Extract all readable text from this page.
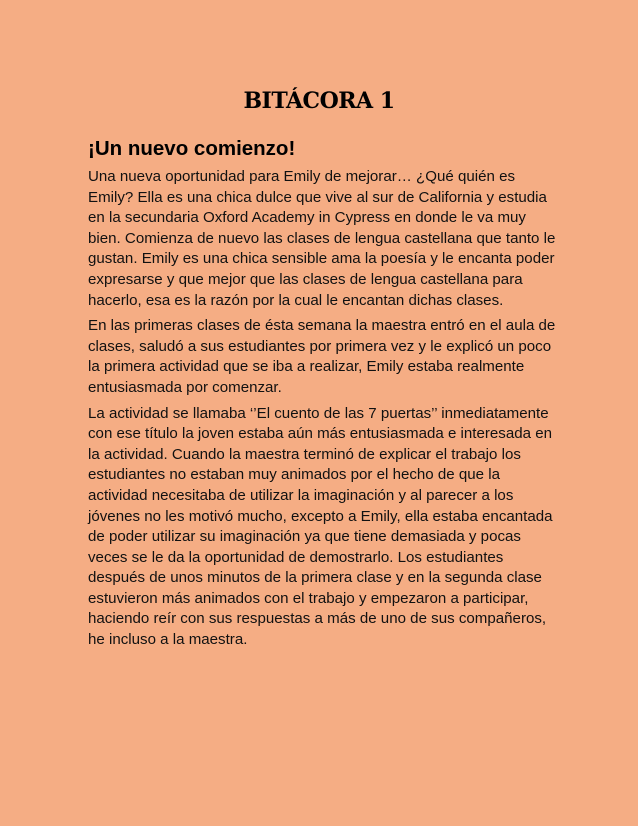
BITÁCORA 1
¡Un nuevo comienzo!

Una nueva oportunidad para Emily de mejorar… ¿Qué quién es Emily? Ella es una chica dulce que vive al sur de California y estudia en la secundaria Oxford Academy in Cypress en donde le va muy bien. Comienza de nuevo las clases de lengua castellana que tanto le gustan. Emily es una chica sensible ama la poesía y le encanta poder expresarse y que mejor que las clases de lengua castellana para hacerlo, esa es la razón por la cual le encantan dichas clases.

En las primeras clases de ésta semana la maestra entró en el aula de clases, saludó a sus estudiantes por primera vez y le explicó un poco la primera actividad que se iba a realizar, Emily estaba realmente entusiasmada por comenzar.

La actividad se llamaba ‘’El cuento de las 7 puertas’’ inmediatamente con ese título la joven estaba aún más entusiasmada e interesada en la actividad. Cuando la maestra terminó de explicar el trabajo los estudiantes no estaban muy animados por el hecho de que la actividad necesitaba de utilizar la imaginación y al parecer a los jóvenes no les motivó mucho, excepto a Emily, ella estaba encantada de poder utilizar su imaginación ya que tiene demasiada y pocas veces se le da la oportunidad de demostrarlo. Los estudiantes después de unos minutos de la primera clase y en la segunda clase estuvieron más animados con el trabajo y empezaron a participar, haciendo reír con sus respuestas a más de uno de sus compañeros, he incluso a la maestra.
